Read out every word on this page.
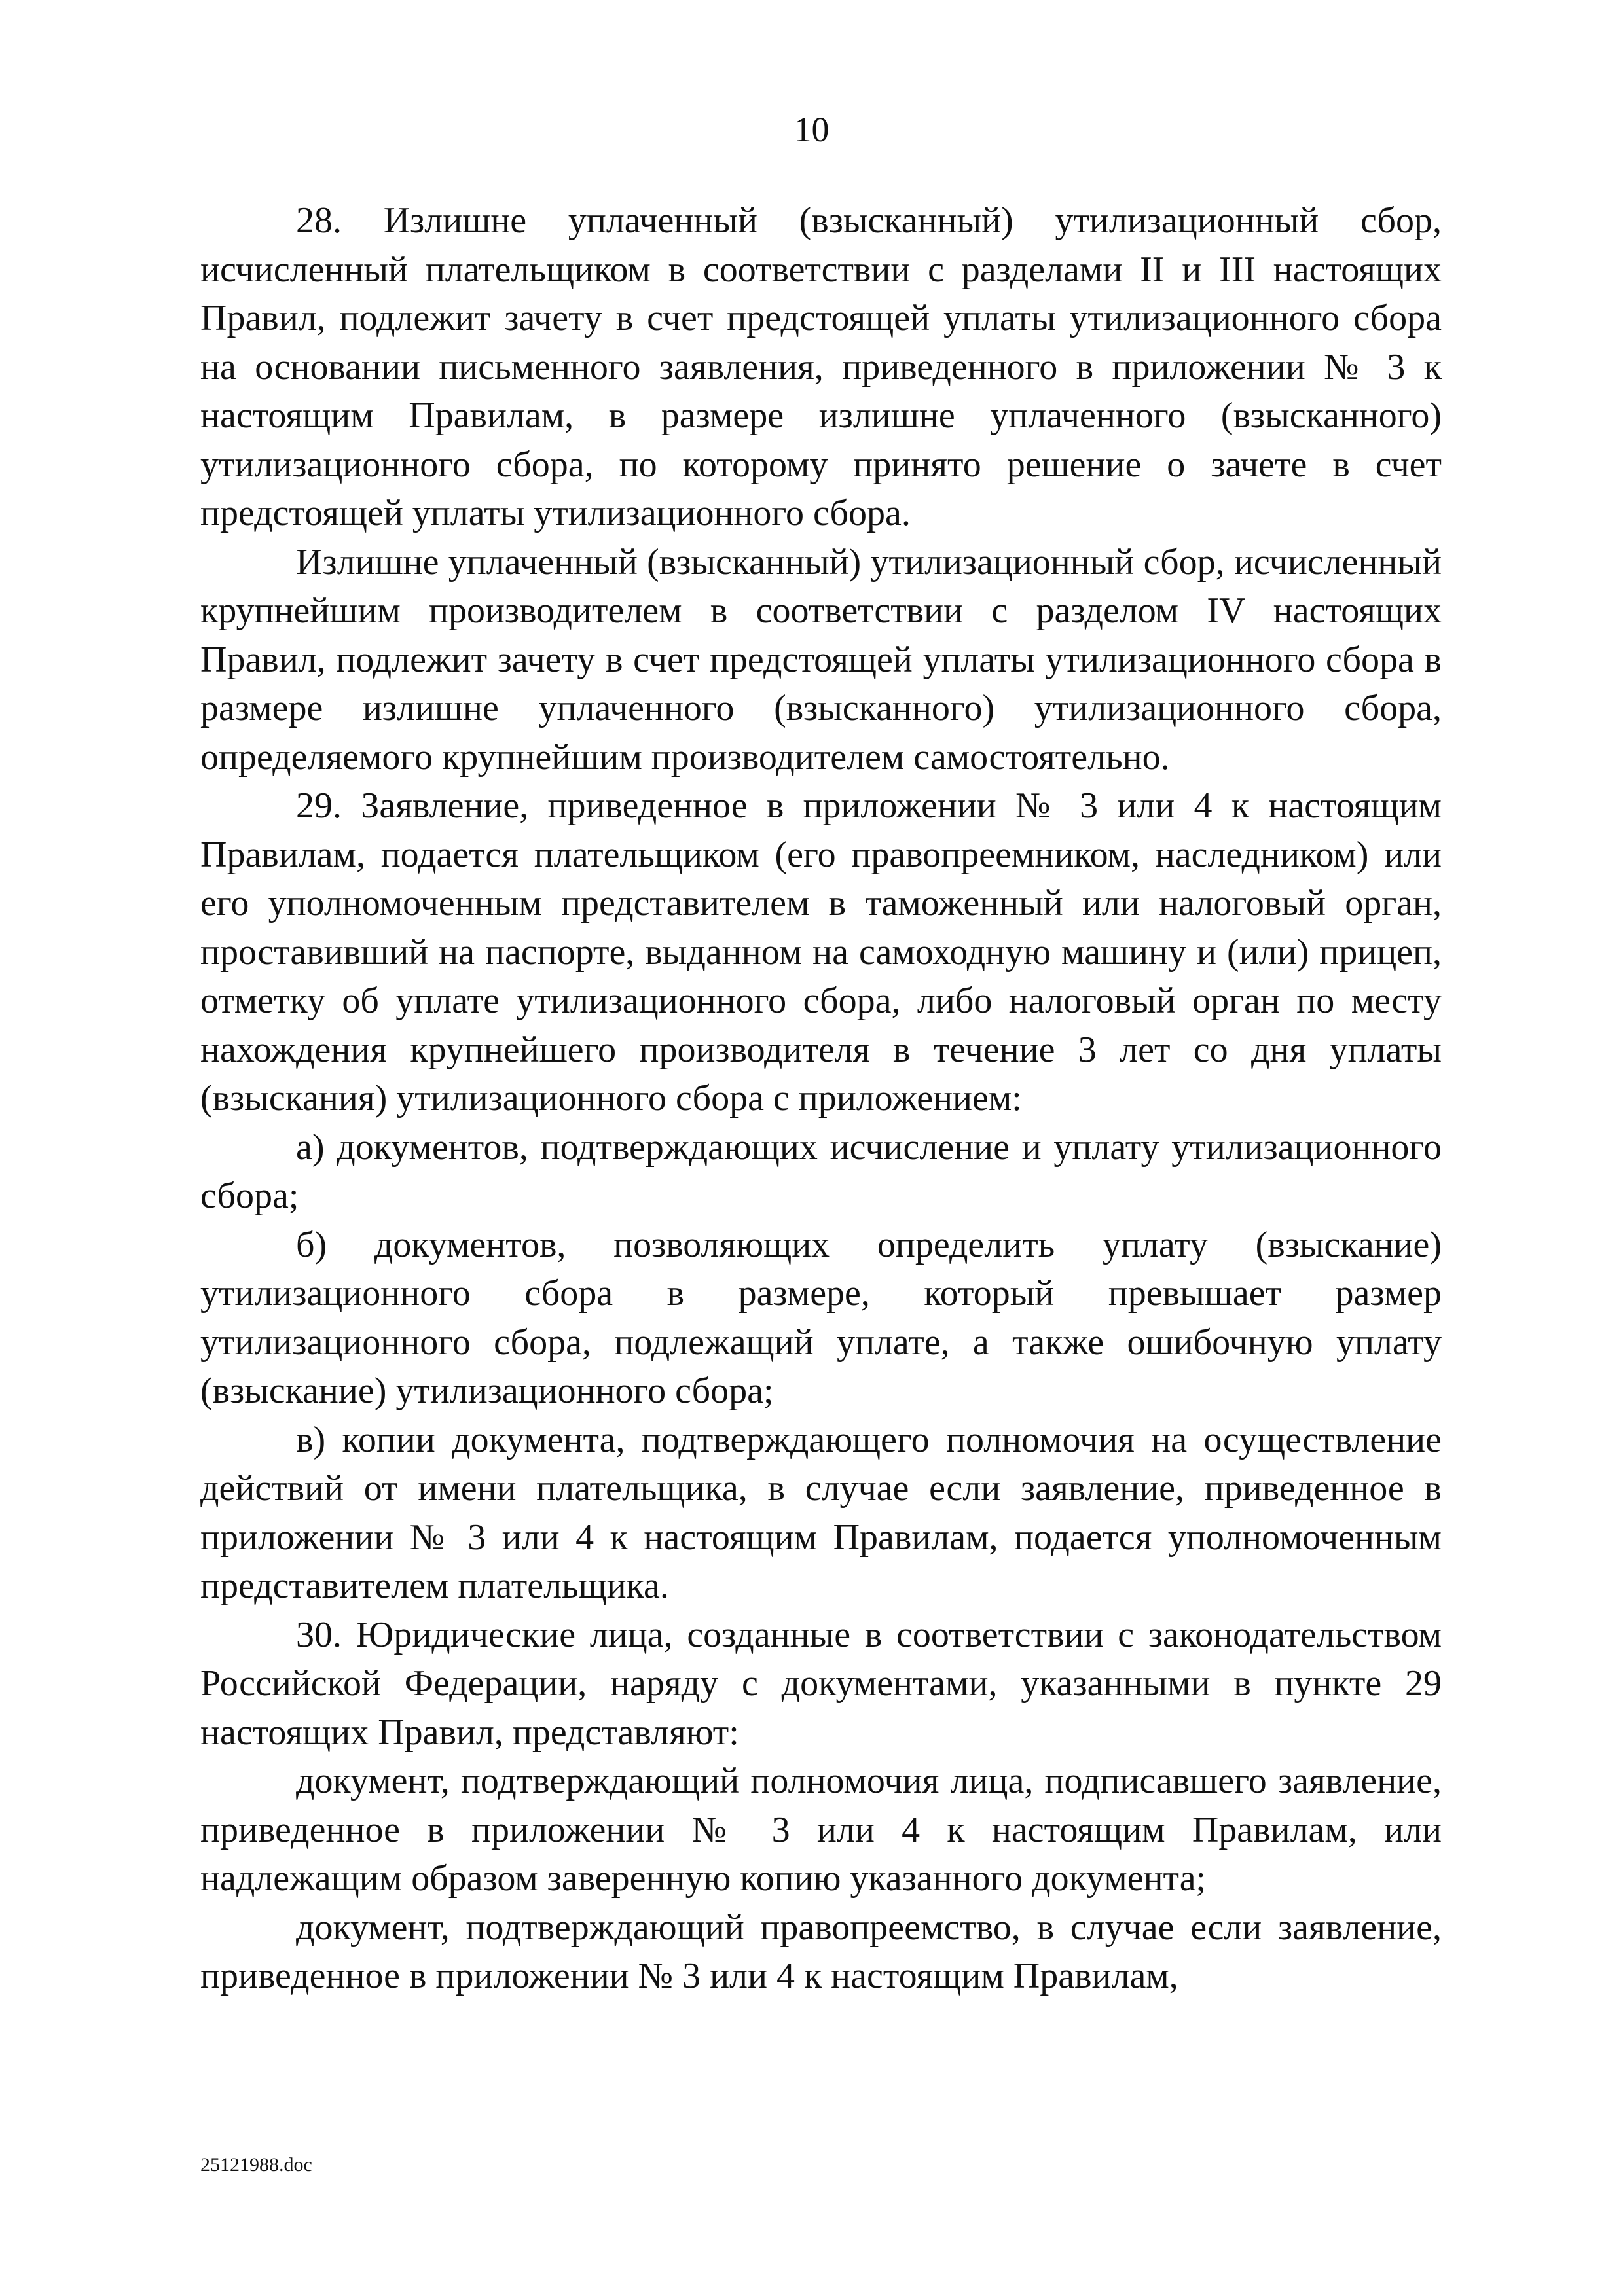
10

28. Излишне уплаченный (взысканный) утилизационный сбор, исчисленный плательщиком в соответствии с разделами II и III настоящих Правил, подлежит зачету в счет предстоящей уплаты утилизационного сбора на основании письменного заявления, приведенного в приложении № 3 к настоящим Правилам, в размере излишне уплаченного (взысканного) утилизационного сбора, по которому принято решение о зачете в счет предстоящей уплаты утилизационного сбора.

Излишне уплаченный (взысканный) утилизационный сбор, исчисленный крупнейшим производителем в соответствии с разделом IV настоящих Правил, подлежит зачету в счет предстоящей уплаты утилизационного сбора в размере излишне уплаченного (взысканного) утилизационного сбора, определяемого крупнейшим производителем самостоятельно.

29. Заявление, приведенное в приложении № 3 или 4 к настоящим Правилам, подается плательщиком (его правопреемником, наследником) или его уполномоченным представителем в таможенный или налоговый орган, проставивший на паспорте, выданном на самоходную машину и (или) прицеп, отметку об уплате утилизационного сбора, либо налоговый орган по месту нахождения крупнейшего производителя в течение 3 лет со дня уплаты (взыскания) утилизационного сбора с приложением:

а) документов, подтверждающих исчисление и уплату утилизационного сбора;

б) документов, позволяющих определить уплату (взыскание) утилизационного сбора в размере, который превышает размер утилизационного сбора, подлежащий уплате, а также ошибочную уплату (взыскание) утилизационного сбора;

в) копии документа, подтверждающего полномочия на осуществление действий от имени плательщика, в случае если заявление, приведенное в приложении № 3 или 4 к настоящим Правилам, подается уполномоченным представителем плательщика.

30. Юридические лица, созданные в соответствии с законодательством Российской Федерации, наряду с документами, указанными в пункте 29 настоящих Правил, представляют:

документ, подтверждающий полномочия лица, подписавшего заявление, приведенное в приложении № 3 или 4 к настоящим Правилам, или надлежащим образом заверенную копию указанного документа;

документ, подтверждающий правопреемство, в случае если заявление, приведенное в приложении № 3 или 4 к настоящим Правилам,

25121988.doc
